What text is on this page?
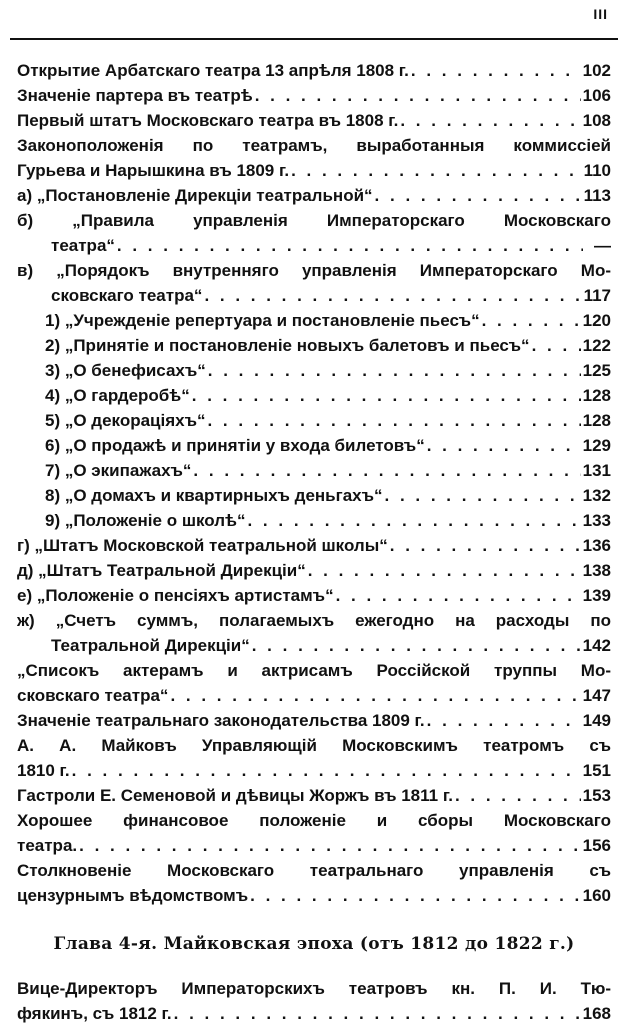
III
Открытие Арбатскаго театра 13 апрѣля 1808 г. . . .	102
Значеніе партера въ театрѣ . . .	106
Первый штатъ Московскаго театра въ 1808 г. . . .	108
Законоположенія по театрамъ, выработанныя коммиссіей
Гурьева и Нарышкина въ 1809 г. . . .	110
а) „Постановленіе Дирекціи театральной“ . . .	113
б) „Правила управленія Императорскаго Московскаго
театра“ . . .	—
в) „Порядокъ внутренняго управленія Императорскаго Мо-
сковскаго театра“ . . .	117
1) „Учрежденіе репертуара и постановленіе пьесъ“ . . .	120
2) „Принятіе и постановленіе новыхъ балетовъ и пьесъ“ . . .	122
3) „О бенефисахъ“ . . .	125
4) „О гардеробѣ“ . . .	128
5) „О декораціяхъ“ . . .	128
6) „О продажѣ и принятіи у входа билетовъ“ . . .	129
7) „О экипажахъ“ . . .	131
8) „О домахъ и квартирныхъ деньгахъ“ . . .	132
9) „Положеніе о школѣ“ . . .	133
г) „Штатъ Московской театральной школы“ . . .	136
д) „Штатъ Театральной Дирекціи“ . . .	138
е) „Положеніе о пенсіяхъ артистамъ“ . . .	139
ж) „Счетъ суммъ, полагаемыхъ ежегодно на расходы по
Театральной Дирекціи“ . . .	142
„Списокъ актерамъ и актрисамъ Россійской труппы Мо-
сковскаго театра“ . . .	147
Значеніе театральнаго законодательства 1809 г. . . .	149
А. А. Майковъ Управляющій Московскимъ театромъ съ
1810 г. . . .	151
Гастроли Е. Семеновой и дѣвицы Жоржъ въ 1811 г. . . .	153
Хорошее финансовое положеніе и сборы Московскаго
театра. . . .	156
Столкновеніе Московскаго театральнаго управленія съ
цензурнымъ вѣдомствомъ . . .	160
Глава 4-я. Майковская эпоха (отъ 1812 до 1822 г.)
Вице-Директоръ Императорскихъ театровъ кн. П. И. Тю-
фякинъ, съ 1812 г. . . .	168
